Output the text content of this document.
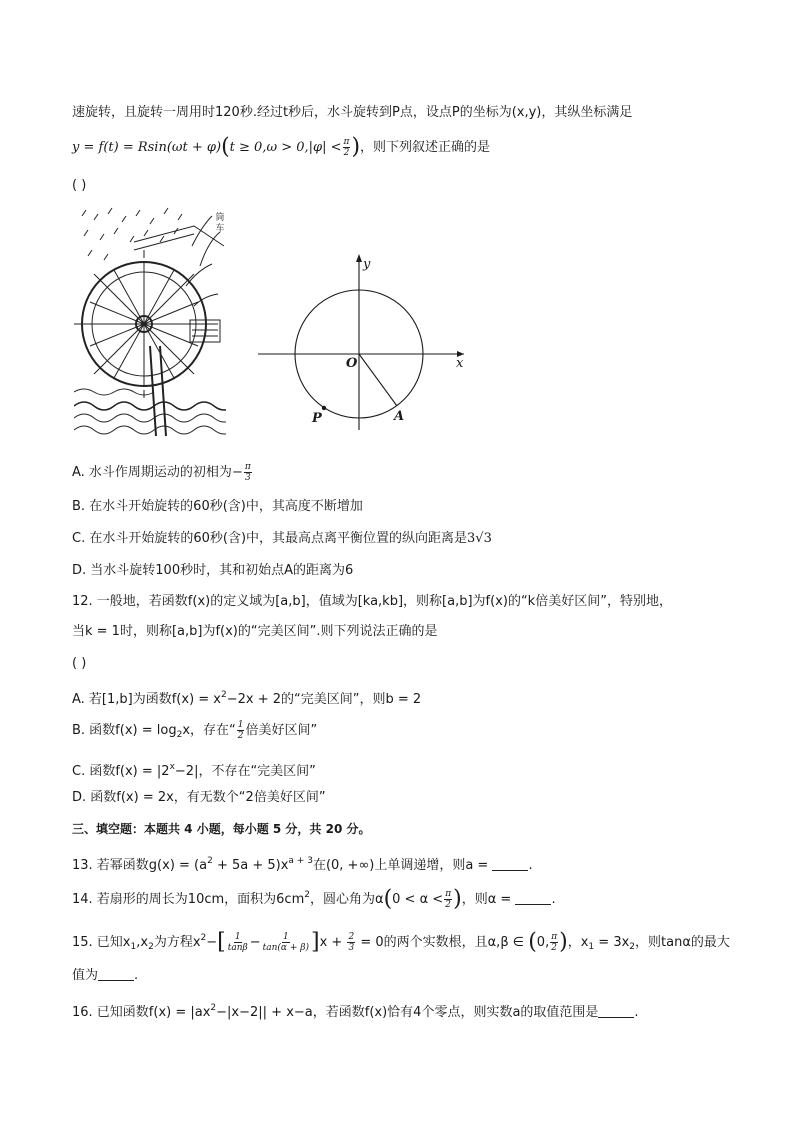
速旋转，且旋转一周用时120秒.经过t秒后，水斗旋转到P点，设点P的坐标为(x,y)，其纵坐标满足
$y = f(t) = Rsin(\omega t + \varphi)(t \ge 0,\omega > 0,|\varphi| < \frac{\pi}{2}$ )，则下列叙述正确的是
( )
筒
车
y
x
O
P	A
A. 水斗作周期运动的初相为− $\frac{\pi}{3}$
B. 在水斗开始旋转的60秒(含)中，其高度不断增加
C. 在水斗开始旋转的60秒(含)中，其最高点离平衡位置的纵向距离是3√3
D. 当水斗旋转100秒时，其和初始点A的距离为6
12. 一般地，若函数f(x)的定义域为[a,b]，值域为[ka,kb]，则称[a,b]为f(x)的“k倍美好区间”，特别地，
当k = 1时，则称[a,b]为f(x)的“完美区间”.则下列说法正确的是
( )
A. 若[1,b]为函数$f(x) = x^2-2x + 2$的“完美区间”，则b = 2
B. 函数$f(x) = \log_2x$，存在“ $\frac{1}{2}$ 倍美好区间”
C. 函数$f(x) = |2^x-2|$，不存在“完美区间”
D. 函数f(x) = 2x，有无数个“2倍美好区间”
三、填空题：本题共 4 小题，每小题 5 分，共 20 分。
13. 若幂函数$g(x) = (a^2 + 5a + 5)x^{a + 3}$在(0, +∞)上单调递增，则a =	.
14. 若扇形的周长为10cm，面积为$6cm^2$，圆心角为$\alpha(0 < \alpha < \frac{\pi}{2}$ )，则α =	.
15. 已知$x_1,x_2$为方程$x^2-[ \frac{1}{\tan\beta} - \frac{1}{\tan(\alpha + \beta)} ]x + \frac{2}{3} = 0$的两个实数根，且α,β ∈ (0, $\frac{\pi}{2}$ )，$x_1 = 3x_2$，则tanα的最大
值为	.
16. 已知函数$f(x) = |ax^2-|x-2|| + x-a$，若函数f(x)恰有4个零点，则实数a的取值范围是	.
